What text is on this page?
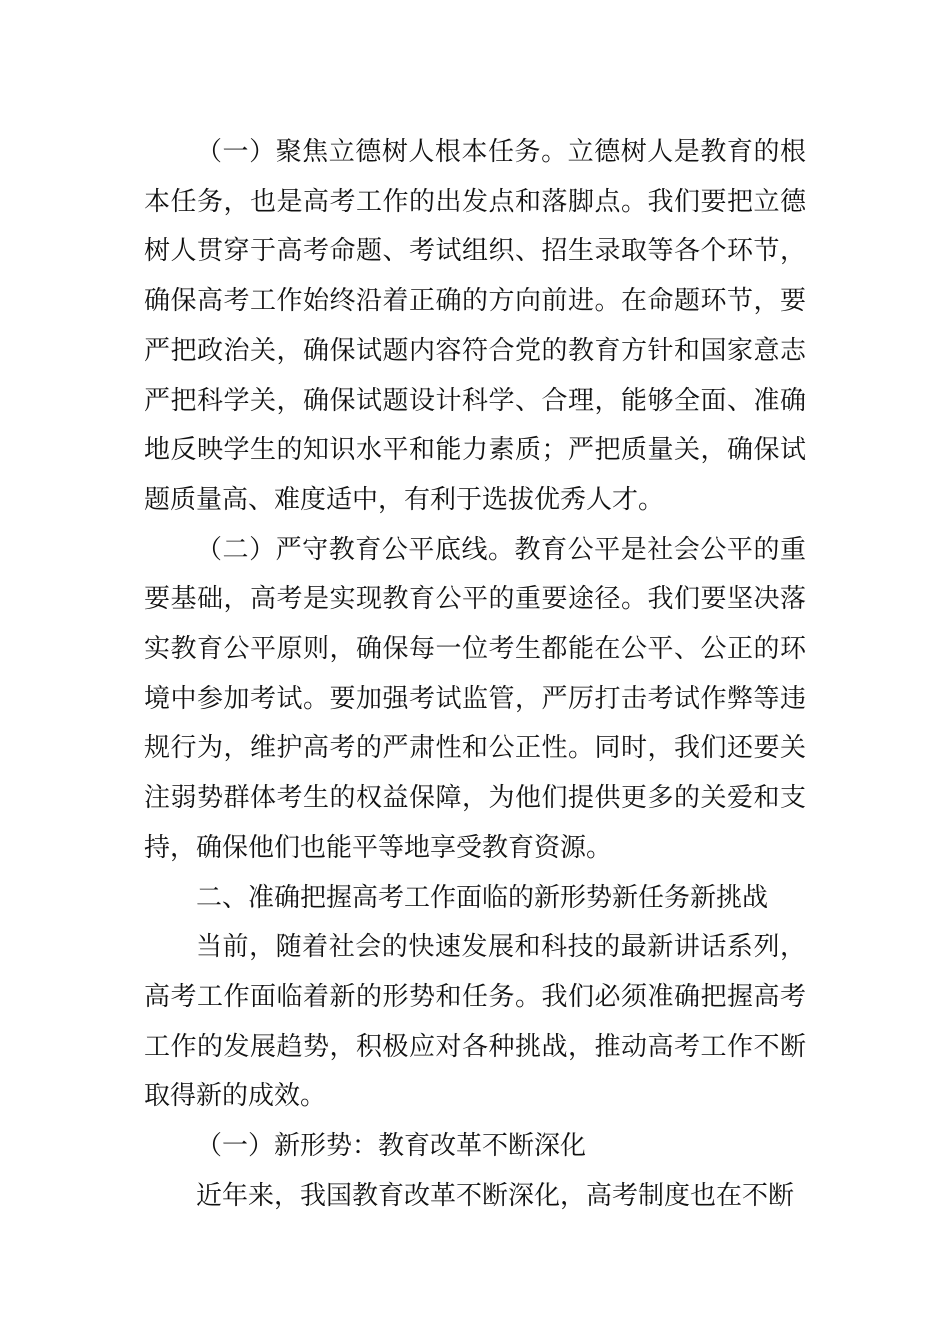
（一）聚焦立德树人根本任务。立德树人是教育的根本任务，也是高考工作的出发点和落脚点。我们要把立德树人贯穿于高考命题、考试组织、招生录取等各个环节，确保高考工作始终沿着正确的方向前进。在命题环节，要严把政治关，确保试题内容符合党的教育方针和国家意志严把科学关，确保试题设计科学、合理，能够全面、准确地反映学生的知识水平和能力素质；严把质量关，确保试题质量高、难度适中，有利于选拔优秀人才。

（二）严守教育公平底线。教育公平是社会公平的重要基础，高考是实现教育公平的重要途径。我们要坚决落实教育公平原则，确保每一位考生都能在公平、公正的环境中参加考试。要加强考试监管，严厉打击考试作弊等违规行为，维护高考的严肃性和公正性。同时，我们还要关注弱势群体考生的权益保障，为他们提供更多的关爱和支持，确保他们也能平等地享受教育资源。

二、准确把握高考工作面临的新形势新任务新挑战

当前，随着社会的快速发展和科技的最新讲话系列，高考工作面临着新的形势和任务。我们必须准确把握高考工作的发展趋势，积极应对各种挑战，推动高考工作不断取得新的成效。

（一）新形势：教育改革不断深化

近年来，我国教育改革不断深化，高考制度也在不断
